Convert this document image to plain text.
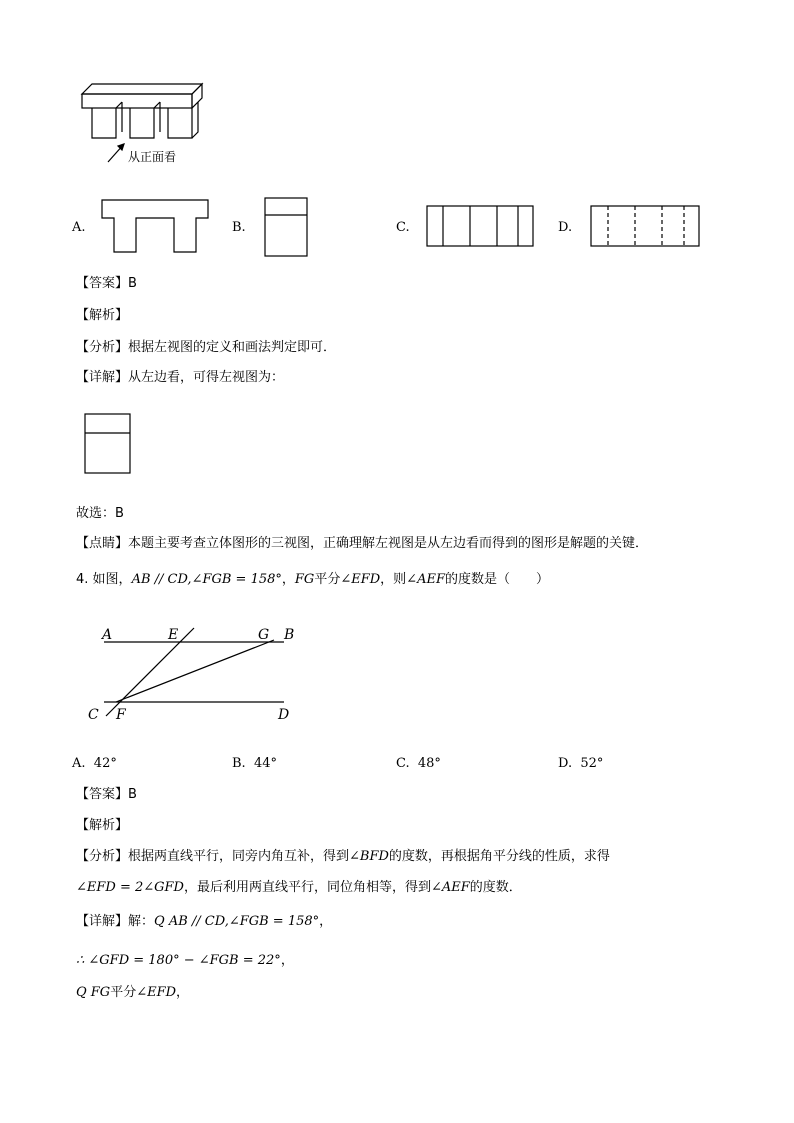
从正面看
A.	B.	C.	D.
【答案】B
【解析】
【分析】根据左视图的定义和画法判定即可．
【详解】从左边看，可得左视图为：
故选：B
【点睛】本题主要考查立体图形的三视图，正确理解左视图是从左边看而得到的图形是解题的关键．
4. 如图，AB // CD,∠FGB = 158°，FG平分∠EFD，则∠AEF的度数是（　　）
A	E	G B
C F	D
A. 42°	B. 44°	C. 48°	D. 52°
【答案】B
【解析】
【分析】根据两直线平行，同旁内角互补，得到∠BFD的度数，再根据角平分线的性质，求得
∠EFD = 2∠GFD，最后利用两直线平行，同位角相等，得到∠AEF的度数．
【详解】解：Q AB // CD,∠FGB = 158°，
∴ ∠GFD = 180° − ∠FGB = 22°，
Q FG平分∠EFD，
